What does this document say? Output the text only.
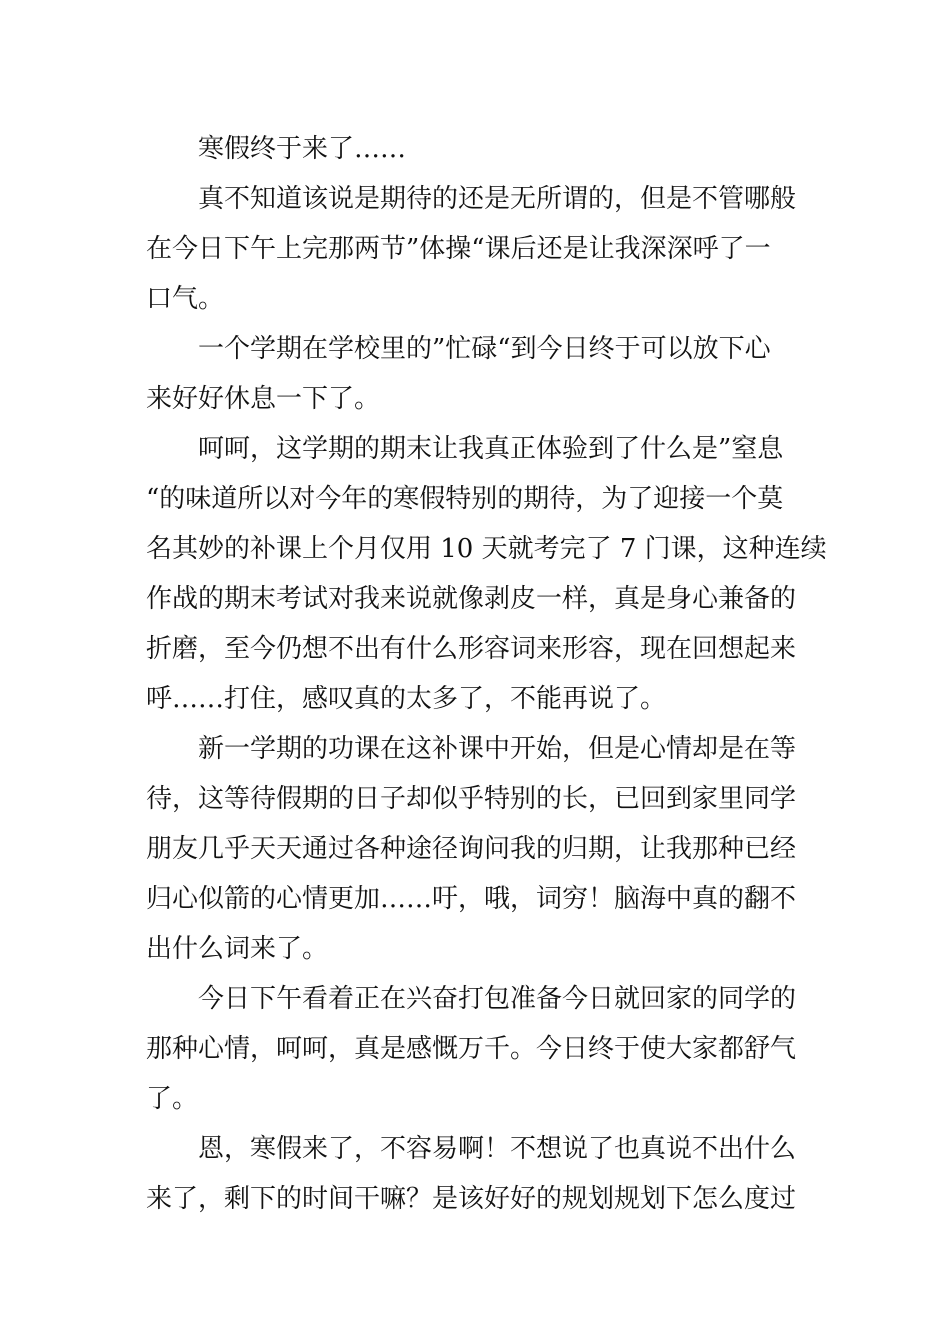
寒假终于来了……
真不知道该说是期待的还是无所谓的，但是不管哪般
在今日下午上完那两节”体操“课后还是让我深深呼了一
口气。
一个学期在学校里的”忙碌“到今日终于可以放下心
来好好休息一下了。
呵呵，这学期的期末让我真正体验到了什么是”窒息
“的味道所以对今年的寒假特别的期待，为了迎接一个莫
名其妙的补课上个月仅用 10 天就考完了 7 门课，这种连续
作战的期末考试对我来说就像剥皮一样，真是身心兼备的
折磨，至今仍想不出有什么形容词来形容，现在回想起来
呼……打住，感叹真的太多了，不能再说了。
新一学期的功课在这补课中开始，但是心情却是在等
待，这等待假期的日子却似乎特别的长，已回到家里同学
朋友几乎天天通过各种途径询问我的归期，让我那种已经
归心似箭的心情更加……吁，哦，词穷！脑海中真的翻不
出什么词来了。
今日下午看着正在兴奋打包准备今日就回家的同学的
那种心情，呵呵，真是感慨万千。今日终于使大家都舒气
了。
恩，寒假来了，不容易啊！不想说了也真说不出什么
来了，剩下的时间干嘛？是该好好的规划规划下怎么度过
